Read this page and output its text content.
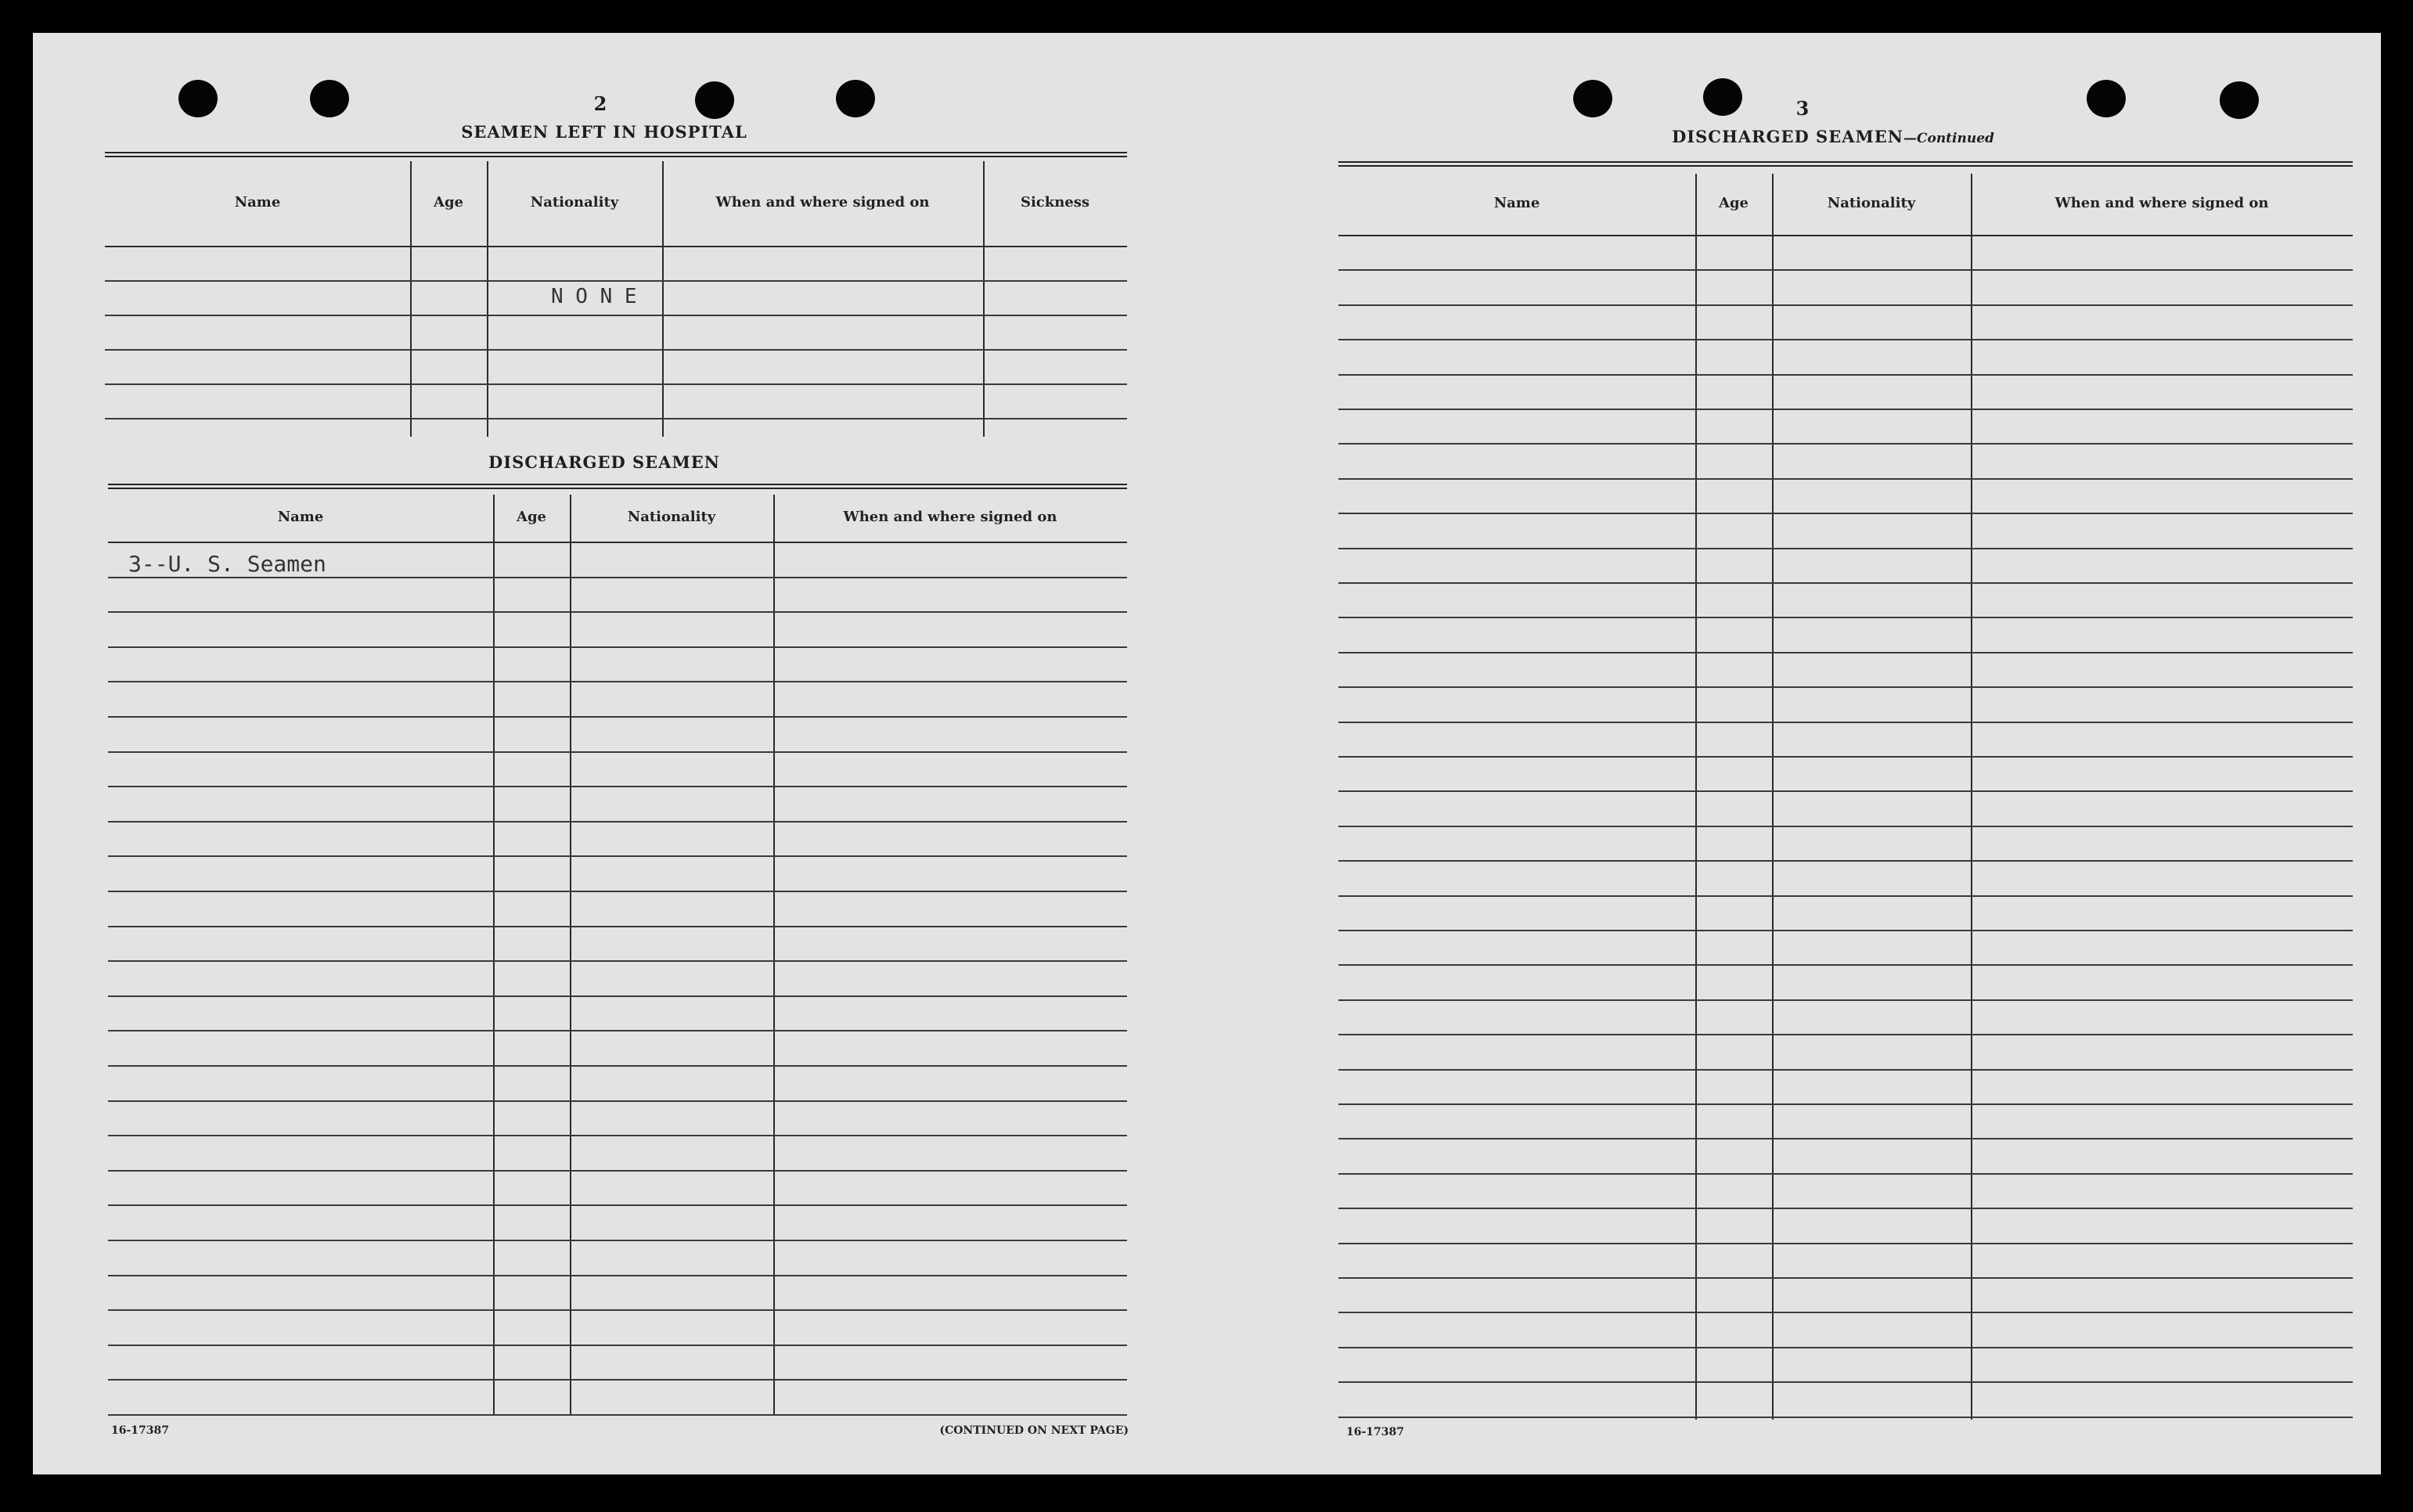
2
SEAMEN LEFT IN HOSPITAL
Name	Age	Nationality	When and where signed on	Sickness
N O N E
DISCHARGED SEAMEN
Name	Age	Nationality	When and where signed on
3--U. S. Seamen
16-17387	(CONTINUED ON NEXT PAGE)
3
DISCHARGED SEAMEN—Continued
Name	Age	Nationality	When and where signed on
16-17387
